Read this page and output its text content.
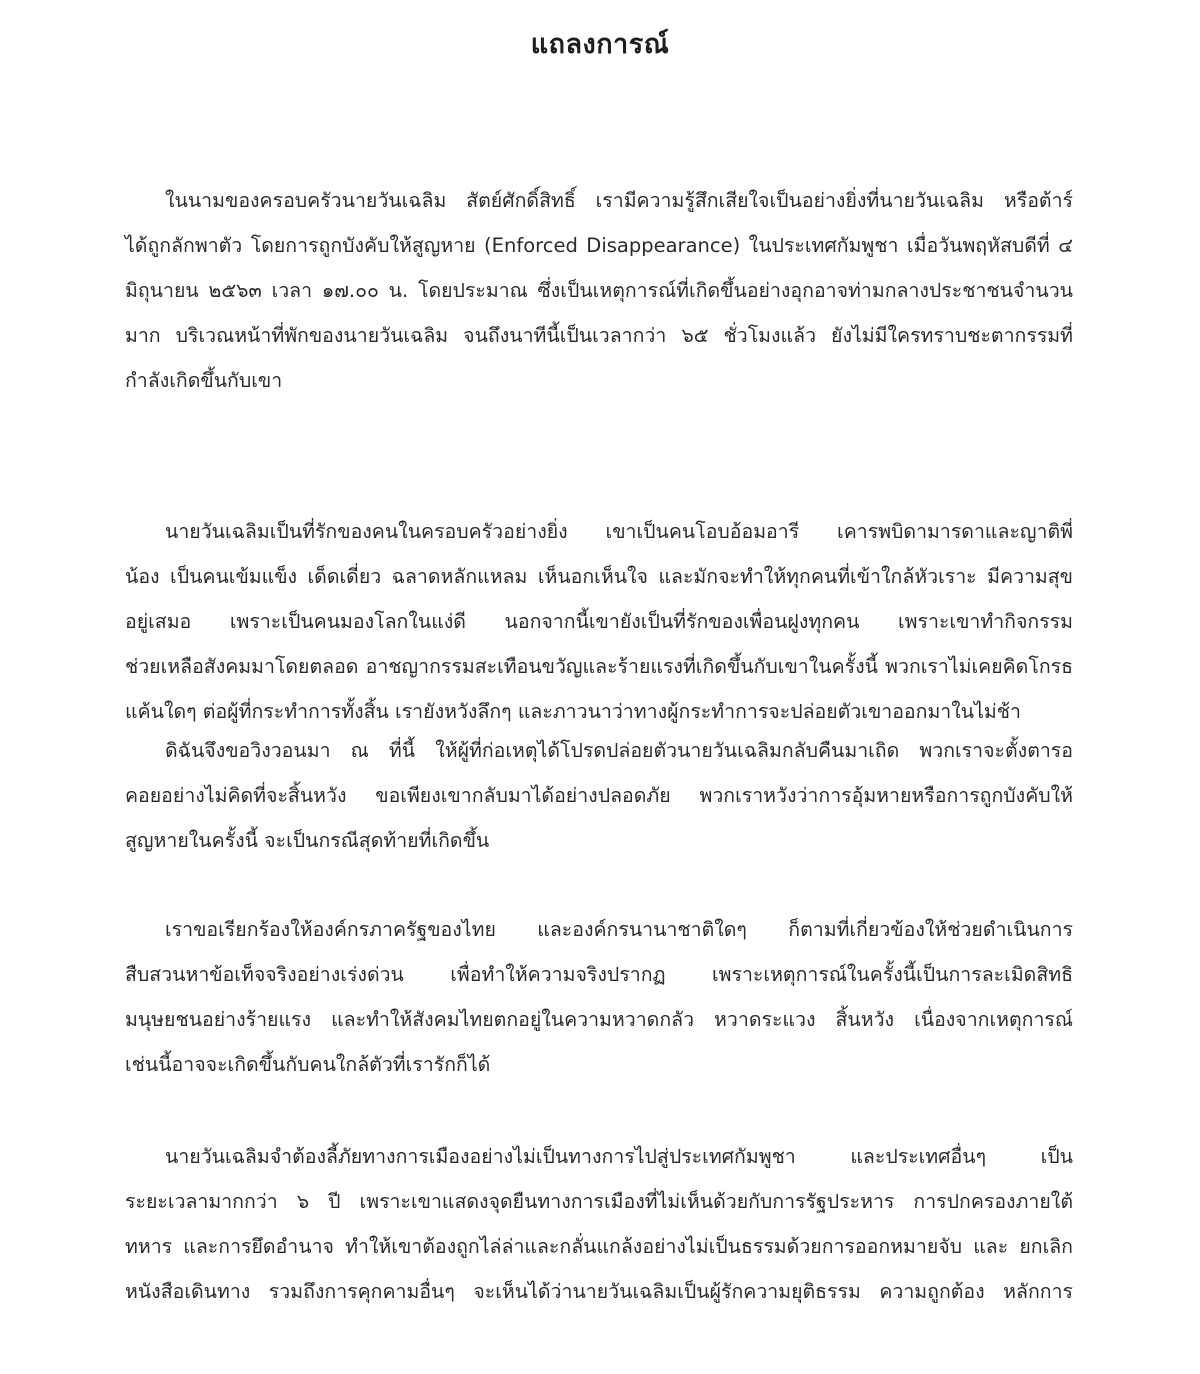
แถลงการณ์
ในนามของครอบครัวนายวันเฉลิม สัตย์ศักดิ์สิทธิ์ เรามีความรู้สึกเสียใจเป็นอย่างยิ่งที่นายวันเฉลิม หรือต้าร์
ได้ถูกลักพาตัว โดยการถูกบังคับให้สูญหาย (Enforced Disappearance) ในประเทศกัมพูชา เมื่อวันพฤหัสบดีที่ ๔
มิถุนายน ๒๕๖๓ เวลา ๑๗.๐๐ น. โดยประมาณ ซึ่งเป็นเหตุการณ์ที่เกิดขึ้นอย่างอุกอาจท่ามกลางประชาชนจำนวน
มาก บริเวณหน้าที่พักของนายวันเฉลิม จนถึงนาทีนี้เป็นเวลากว่า ๖๕ ชั่วโมงแล้ว ยังไม่มีใครทราบชะตากรรมที่
กำลังเกิดขึ้นกับเขา
นายวันเฉลิมเป็นที่รักของคนในครอบครัวอย่างยิ่ง เขาเป็นคนโอบอ้อมอารี เคารพบิดามารดาและญาติพี่
น้อง เป็นคนเข้มแข็ง เด็ดเดี่ยว ฉลาดหลักแหลม เห็นอกเห็นใจ และมักจะทำให้ทุกคนที่เข้าใกล้หัวเราะ มีความสุข
อยู่เสมอ เพราะเป็นคนมองโลกในแง่ดี นอกจากนี้เขายังเป็นที่รักของเพื่อนฝูงทุกคน เพราะเขาทำกิจกรรม
ช่วยเหลือสังคมมาโดยตลอด อาชญากรรมสะเทือนขวัญและร้ายแรงที่เกิดขึ้นกับเขาในครั้งนี้ พวกเราไม่เคยคิดโกรธ
แค้นใดๆ ต่อผู้ที่กระทำการทั้งสิ้น เรายังหวังลึกๆ และภาวนาว่าทางผู้กระทำการจะปล่อยตัวเขาออกมาในไม่ช้า
ดิฉันจึงขอวิงวอนมา ณ ที่นี้ ให้ผู้ที่ก่อเหตุได้โปรดปล่อยตัวนายวันเฉลิมกลับคืนมาเถิด พวกเราจะตั้งตารอ
คอยอย่างไม่คิดที่จะสิ้นหวัง ขอเพียงเขากลับมาได้อย่างปลอดภัย พวกเราหวังว่าการอุ้มหายหรือการถูกบังคับให้
สูญหายในครั้งนี้ จะเป็นกรณีสุดท้ายที่เกิดขึ้น
เราขอเรียกร้องให้องค์กรภาครัฐของไทย และองค์กรนานาชาติใดๆ ก็ตามที่เกี่ยวข้องให้ช่วยดำเนินการ
สืบสวนหาข้อเท็จจริงอย่างเร่งด่วน เพื่อทำให้ความจริงปรากฏ เพราะเหตุการณ์ในครั้งนี้เป็นการละเมิดสิทธิ
มนุษยชนอย่างร้ายแรง และทำให้สังคมไทยตกอยู่ในความหวาดกลัว หวาดระแวง สิ้นหวัง เนื่องจากเหตุการณ์
เช่นนี้อาจจะเกิดขึ้นกับคนใกล้ตัวที่เรารักก็ได้
นายวันเฉลิมจำต้องลี้ภัยทางการเมืองอย่างไม่เป็นทางการไปสู่ประเทศกัมพูชา และประเทศอื่นๆ เป็น
ระยะเวลามากกว่า ๖ ปี เพราะเขาแสดงจุดยืนทางการเมืองที่ไม่เห็นด้วยกับการรัฐประหาร การปกครองภายใต้
ทหาร และการยึดอำนาจ ทำให้เขาต้องถูกไล่ล่าและกลั่นแกล้งอย่างไม่เป็นธรรมด้วยการออกหมายจับ และ ยกเลิก
หนังสือเดินทาง รวมถึงการคุกคามอื่นๆ จะเห็นได้ว่านายวันเฉลิมเป็นผู้รักความยุติธรรม ความถูกต้อง หลักการ
